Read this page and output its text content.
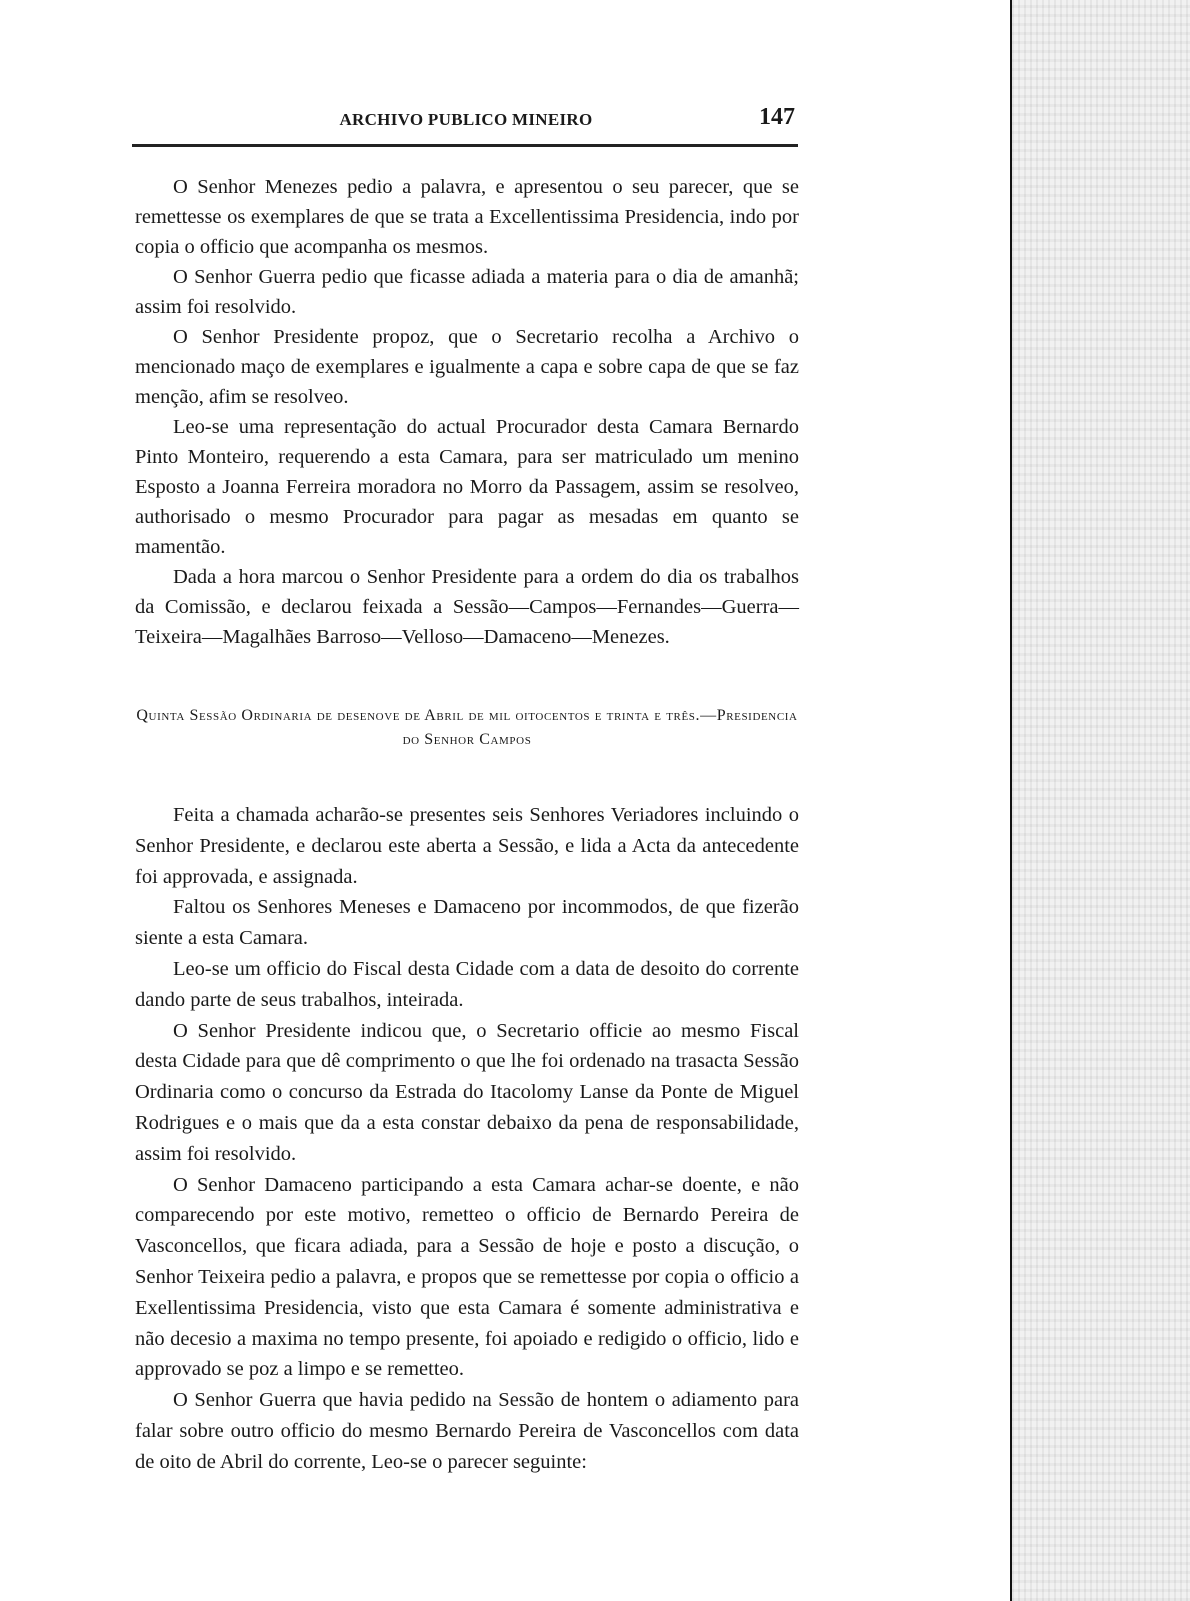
ARCHIVO PUBLICO MINEIRO	147

O Senhor Menezes pedio a palavra, e apresentou o seu parecer, que se remettesse os exemplares de que se trata a Excellentissima Presidencia, indo por copia o officio que acompanha os mesmos.

O Senhor Guerra pedio que ficasse adiada a materia para o dia de amanhã; assim foi resolvido.

O Senhor Presidente propoz, que o Secretario recolha a Archivo o mencionado maço de exemplares e igualmente a capa e sobre capa de que se faz menção, afim se resolveo.

Leo-se uma representação do actual Procurador desta Camara Bernardo Pinto Monteiro, requerendo a esta Camara, para ser matriculado um menino Esposto a Joanna Ferreira moradora no Morro da Passagem, assim se resolveo, authorisado o mesmo Procurador para pagar as mesadas em quanto se mamentão.

Dada a hora marcou o Senhor Presidente para a ordem do dia os trabalhos da Comissão, e declarou feixada a Sessão—Campos—Fernandes—Guerra—Teixeira—Magalhães Barroso—Velloso—Damaceno—Menezes.

Quinta Sessão Ordinaria de desenove de Abril de mil oitocentos e trinta e três.—Presidencia do Senhor Campos

Feita a chamada acharão-se presentes seis Senhores Veriadores incluindo o Senhor Presidente, e declarou este aberta a Sessão, e lida a Acta da antecedente foi approvada, e assignada.

Faltou os Senhores Meneses e Damaceno por incommodos, de que fizerão siente a esta Camara.

Leo-se um officio do Fiscal desta Cidade com a data de desoito do corrente dando parte de seus trabalhos, inteirada.

O Senhor Presidente indicou que, o Secretario officie ao mesmo Fiscal desta Cidade para que dê comprimento o que lhe foi ordenado na trasacta Sessão Ordinaria como o concurso da Estrada do Itacolomy Lanse da Ponte de Miguel Rodrigues e o mais que da a esta constar debaixo da pena de responsabilidade, assim foi resolvido.

O Senhor Damaceno participando a esta Camara achar-se doente, e não comparecendo por este motivo, remetteo o officio de Bernardo Pereira de Vasconcellos, que ficara adiada, para a Sessão de hoje e posto a discução, o Senhor Teixeira pedio a palavra, e propos que se remettesse por copia o officio a Exellentissima Presidencia, visto que esta Camara é somente administrativa e não decesio a maxima no tempo presente, foi apoiado e redigido o officio, lido e approvado se poz a limpo e se remetteo.

O Senhor Guerra que havia pedido na Sessão de hontem o adiamento para falar sobre outro officio do mesmo Bernardo Pereira de Vasconcellos com data de oito de Abril do corrente, Leo-se o parecer seguinte:
